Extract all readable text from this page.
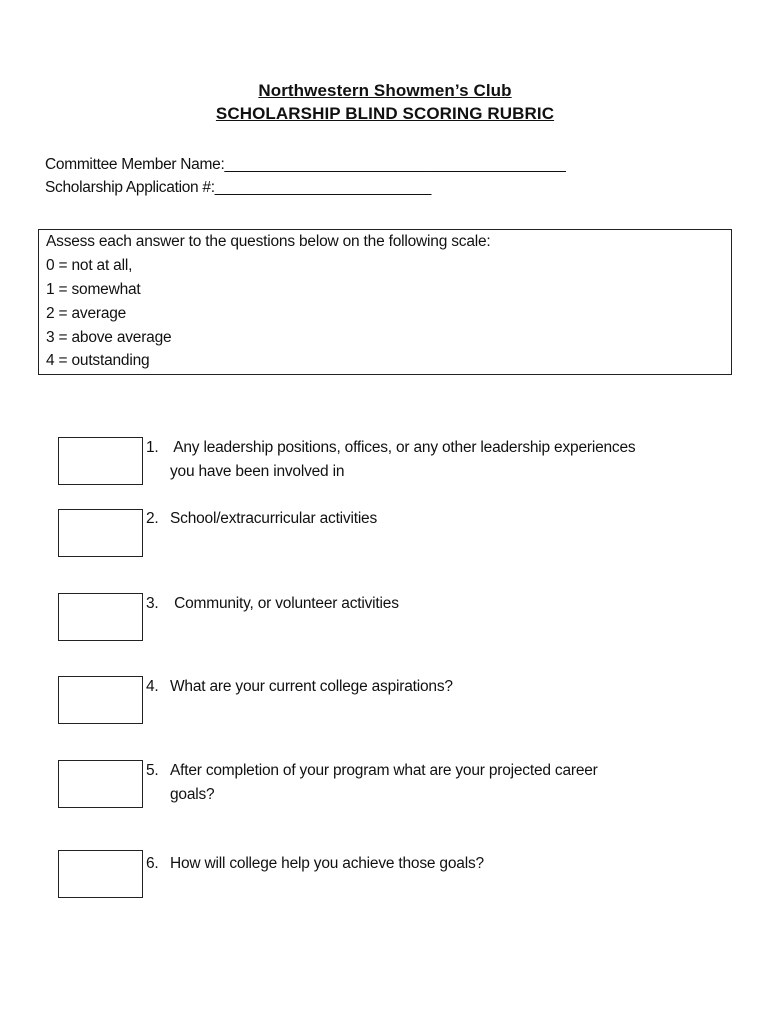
Northwestern Showmen’s Club
SCHOLARSHIP BLIND SCORING RUBRIC
Committee Member Name:_________________________________________
Scholarship Application #:__________________________
Assess each answer to the questions below on the following scale:
0 = not at all,
1 = somewhat
2 = average
3 = above average
4 = outstanding
1. Any leadership positions, offices, or any other leadership experiences
you have been involved in
2. School/extracurricular activities
3. Community, or volunteer activities
4. What are your current college aspirations?
5. After completion of your program what are your projected career
goals?
6. How will college help you achieve those goals?
